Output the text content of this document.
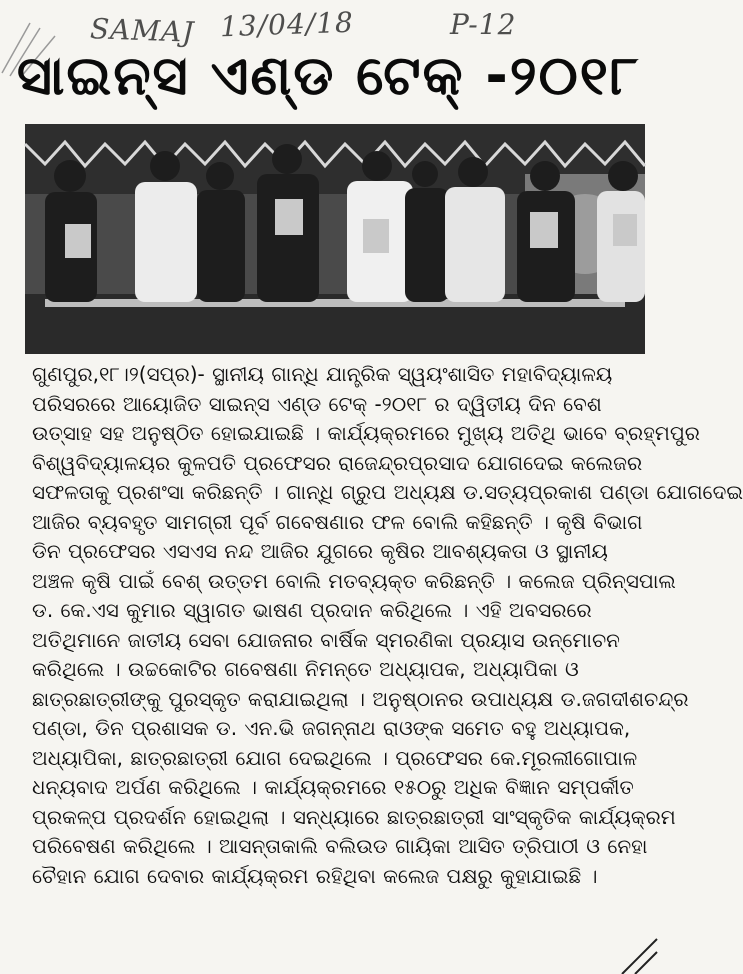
SAMAJ 13/04/18	P-12
ସାଇନ୍ସ ଏଣ୍ଡ ଟେକ୍ -୨୦୧୮
ଗୁଣପୁର,୧୮।୨(ସପ୍ର)- ସ୍ଥାନୀୟ ଗାନ୍ଧି ଯାନ୍ତ୍ରିକ ସ୍ୱୟଂଶାସିତ ମହାବିଦ୍ୟାଳୟ
ପରିସରରେ ଆୟୋଜିତ ସାଇନ୍ସ ଏଣ୍ଡ ଟେକ୍ -୨୦୧୮ ର ଦ୍ୱିତୀୟ ଦିନ ବେଶ
ଉତ୍ସାହ ସହ ଅନୁଷ୍ଠିତ ହୋଇଯାଇଛି । କାର୍ଯ୍ୟକ୍ରମରେ ମୁଖ୍ୟ ଅତିଥି ଭାବେ ବ୍ରହ୍ମପୁର
ବିଶ୍ୱବିଦ୍ୟାଳୟର କୁଳପତି ପ୍ରଫେସର ରାଜେନ୍ଦ୍ରପ୍ରସାଦ ଯୋଗଦେଇ କଲେଜର
ସଫଳତାକୁ ପ୍ରଶଂସା କରିଛନ୍ତି । ଗାନ୍ଧି ଗ୍ରୁପ ଅଧ୍ୟକ୍ଷ ଡ.ସତ୍ୟପ୍ରକାଶ ପଣ୍ଡା ଯୋଗଦେଇ
ଆଜିର ବ୍ୟବହୃତ ସାମଗ୍ରୀ ପୂର୍ବ ଗବେଷଣାର ଫଳ ବୋଲି କହିଛନ୍ତି । କୃଷି ବିଭାଗ
ଡିନ ପ୍ରଫେସର ଏସଏସ ନନ୍ଦ ଆଜିର ଯୁଗରେ କୃଷିର ଆବଶ୍ୟକତା ଓ ସ୍ଥାନୀୟ
ଅଞ୍ଚଳ କୃଷି ପାଇଁ ବେଶ୍ ଉତ୍ତମ ବୋଲି ମତବ୍ୟକ୍ତ କରିଛନ୍ତି । କଲେଜ ପ୍ରିନ୍ସପାଲ
ଡ. କେ.ଏସ କୁମାର ସ୍ୱାଗତ ଭାଷଣ ପ୍ରଦାନ କରିଥିଲେ । ଏହି ଅବସରରେ
ଅତିଥିମାନେ ଜାତୀୟ ସେବା ଯୋଜନାର ବାର୍ଷିକ ସ୍ମରଣିକା ପ୍ରୟାସ ଉନ୍ମୋଚନ
କରିଥିଲେ । ଉଚ୍ଚକୋଟିର ଗବେଷଣା ନିମନ୍ତେ ଅଧ୍ୟାପକ, ଅଧ୍ୟାପିକା ଓ
ଛାତ୍ରଛାତ୍ରୀଙ୍କୁ ପୁରସ୍କୃତ କରାଯାଇଥିଲା । ଅନୁଷ୍ଠାନର ଉପାଧ୍ୟକ୍ଷ ଡ.ଜଗଦୀଶଚନ୍ଦ୍ର
ପଣ୍ଡା, ଡିନ ପ୍ରଶାସକ ଡ. ଏନ.ଭି ଜଗନ୍ନାଥ ରାଓଙ୍କ ସମେତ ବହୁ ଅଧ୍ୟାପକ,
ଅଧ୍ୟାପିକା, ଛାତ୍ରଛାତ୍ରୀ ଯୋଗ ଦେଇଥିଲେ । ପ୍ରଫେସର କେ.ମୂରଲୀଗୋପାଳ
ଧନ୍ୟବାଦ ଅର୍ପଣ କରିଥିଲେ । କାର୍ଯ୍ୟକ୍ରମରେ ୧୫୦ରୁ ଅଧିକ ବିଜ୍ଞାନ ସମ୍ପର୍କୀତ
ପ୍ରକଳ୍ପ ପ୍ରଦର୍ଶନ ହୋଇଥିଲା । ସନ୍ଧ୍ୟାରେ ଛାତ୍ରଛାତ୍ରୀ ସାଂସ୍କୃତିକ କାର୍ଯ୍ୟକ୍ରମ
ପରିବେଷଣ କରିଥିଲେ । ଆସନ୍ତାକାଲି ବଲିଉଡ ଗାୟିକା ଆସିତ ତ୍ରିପାଠୀ ଓ ନେହା
ଚୈହାନ ଯୋଗ ଦେବାର କାର୍ଯ୍ୟକ୍ରମ ରହିଥିବା କଲେଜ ପକ୍ଷରୁ କୁହାଯାଇଛି ।
